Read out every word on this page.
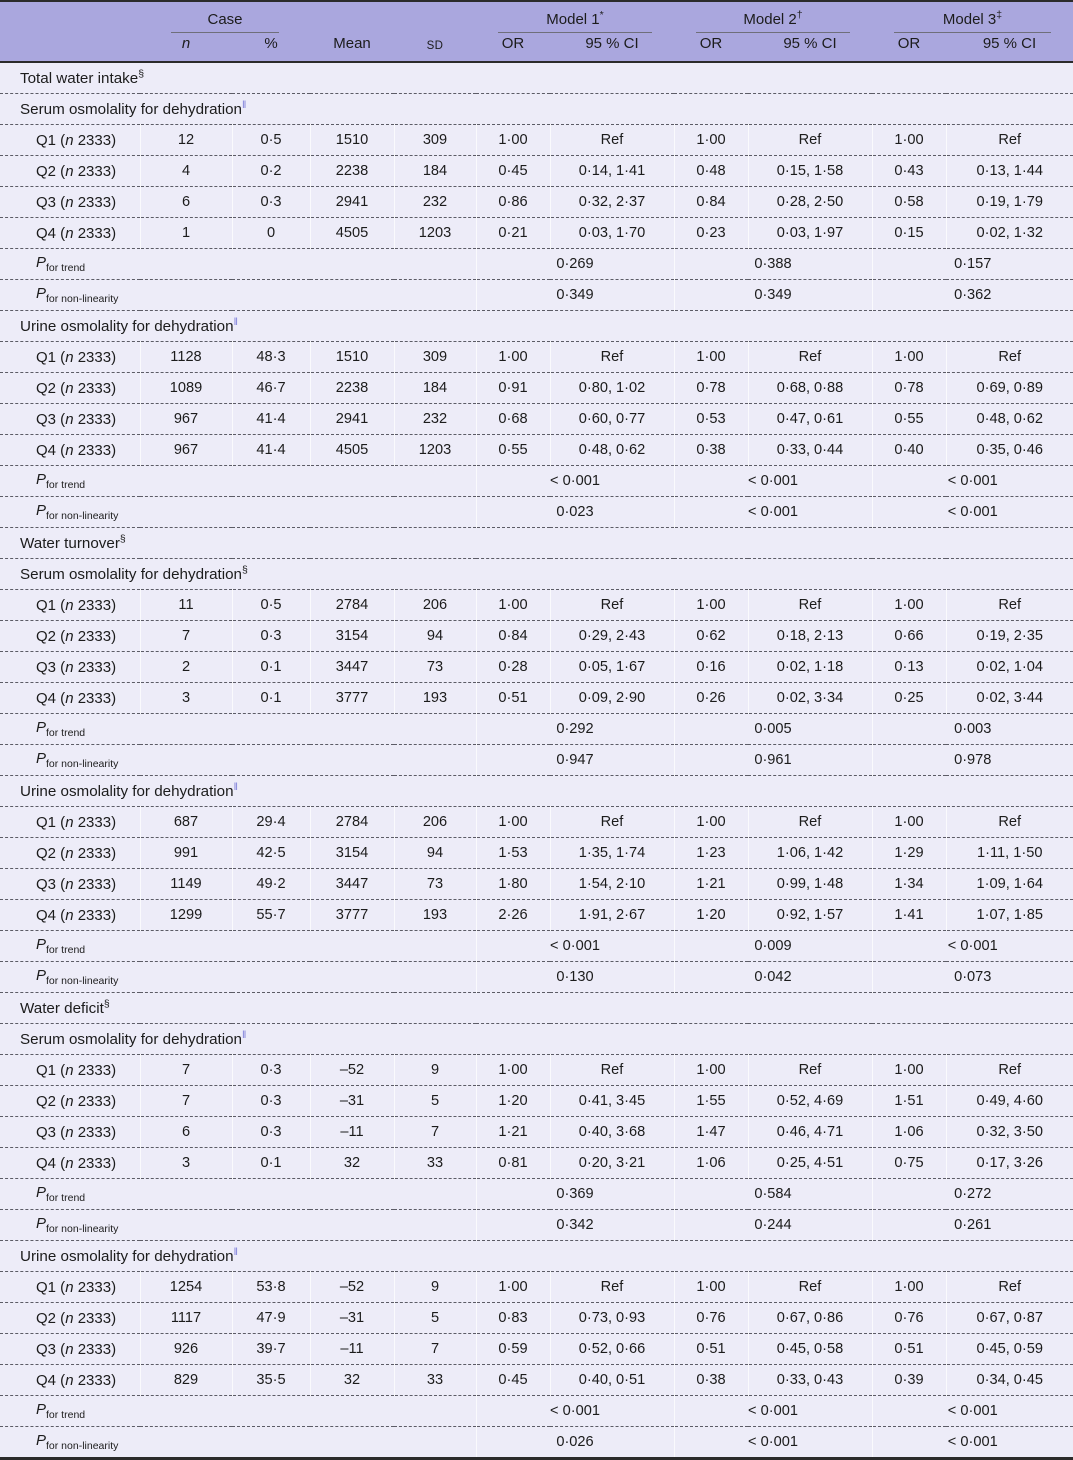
	Case				Model 1*		Model 2†		Model 3‡

	n	%	Mean	SD	OR	95 % CI	OR	95 % CI	OR	95 % CI
Total water intake§
Serum osmolality for dehydration‖
Q1 (n 2333)	12	0·5	1510	309	1·00	Ref	1·00	Ref	1·00	Ref
Q2 (n 2333)	4	0·2	2238	184	0·45	0·14, 1·41	0·48	0·15, 1·58	0·43	0·13, 1·44
Q3 (n 2333)	6	0·3	2941	232	0·86	0·32, 2·37	0·84	0·28, 2·50	0·58	0·19, 1·79
Q4 (n 2333)	1	0	4505	1203	0·21	0·03, 1·70	0·23	0·03, 1·97	0·15	0·02, 1·32
$P_{for trend}$					0·269		0·388		0·157	
$P_{for non-linearity}$					0·349		0·349		0·362	
Urine osmolality for dehydration‖
Q1 (n 2333)	1128	48·3	1510	309	1·00	Ref	1·00	Ref	1·00	Ref
Q2 (n 2333)	1089	46·7	2238	184	0·91	0·80, 1·02	0·78	0·68, 0·88	0·78	0·69, 0·89
Q3 (n 2333)	967	41·4	2941	232	0·68	0·60, 0·77	0·53	0·47, 0·61	0·55	0·48, 0·62
Q4 (n 2333)	967	41·4	4505	1203	0·55	0·48, 0·62	0·38	0·33, 0·44	0·40	0·35, 0·46
$P_{for trend}$					< 0·001		< 0·001		< 0·001	
$P_{for non-linearity}$					0·023		< 0·001		< 0·001	
Water turnover§
Serum osmolality for dehydration§
Q1 (n 2333)	11	0·5	2784	206	1·00	Ref	1·00	Ref	1·00	Ref
Q2 (n 2333)	7	0·3	3154	94	0·84	0·29, 2·43	0·62	0·18, 2·13	0·66	0·19, 2·35
Q3 (n 2333)	2	0·1	3447	73	0·28	0·05, 1·67	0·16	0·02, 1·18	0·13	0·02, 1·04
Q4 (n 2333)	3	0·1	3777	193	0·51	0·09, 2·90	0·26	0·02, 3·34	0·25	0·02, 3·44
$P_{for trend}$					0·292		0·005		0·003	
$P_{for non-linearity}$					0·947		0·961		0·978	
Urine osmolality for dehydration‖
Q1 (n 2333)	687	29·4	2784	206	1·00	Ref	1·00	Ref	1·00	Ref
Q2 (n 2333)	991	42·5	3154	94	1·53	1·35, 1·74	1·23	1·06, 1·42	1·29	1·11, 1·50
Q3 (n 2333)	1149	49·2	3447	73	1·80	1·54, 2·10	1·21	0·99, 1·48	1·34	1·09, 1·64
Q4 (n 2333)	1299	55·7	3777	193	2·26	1·91, 2·67	1·20	0·92, 1·57	1·41	1·07, 1·85
$P_{for trend}$					< 0·001		0·009		< 0·001	
$P_{for non-linearity}$					0·130		0·042		0·073	
Water deficit§
Serum osmolality for dehydration‖
Q1 (n 2333)	7	0·3	–52	9	1·00	Ref	1·00	Ref	1·00	Ref
Q2 (n 2333)	7	0·3	–31	5	1·20	0·41, 3·45	1·55	0·52, 4·69	1·51	0·49, 4·60
Q3 (n 2333)	6	0·3	–11	7	1·21	0·40, 3·68	1·47	0·46, 4·71	1·06	0·32, 3·50
Q4 (n 2333)	3	0·1	32	33	0·81	0·20, 3·21	1·06	0·25, 4·51	0·75	0·17, 3·26
$P_{for trend}$					0·369		0·584		0·272	
$P_{for non-linearity}$					0·342		0·244		0·261	
Urine osmolality for dehydration‖
Q1 (n 2333)	1254	53·8	–52	9	1·00	Ref	1·00	Ref	1·00	Ref
Q2 (n 2333)	1117	47·9	–31	5	0·83	0·73, 0·93	0·76	0·67, 0·86	0·76	0·67, 0·87
Q3 (n 2333)	926	39·7	–11	7	0·59	0·52, 0·66	0·51	0·45, 0·58	0·51	0·45, 0·59
Q4 (n 2333)	829	35·5	32	33	0·45	0·40, 0·51	0·38	0·33, 0·43	0·39	0·34, 0·45
$P_{for trend}$					< 0·001		< 0·001		< 0·001	
$P_{for non-linearity}$					0·026		< 0·001		< 0·001	
